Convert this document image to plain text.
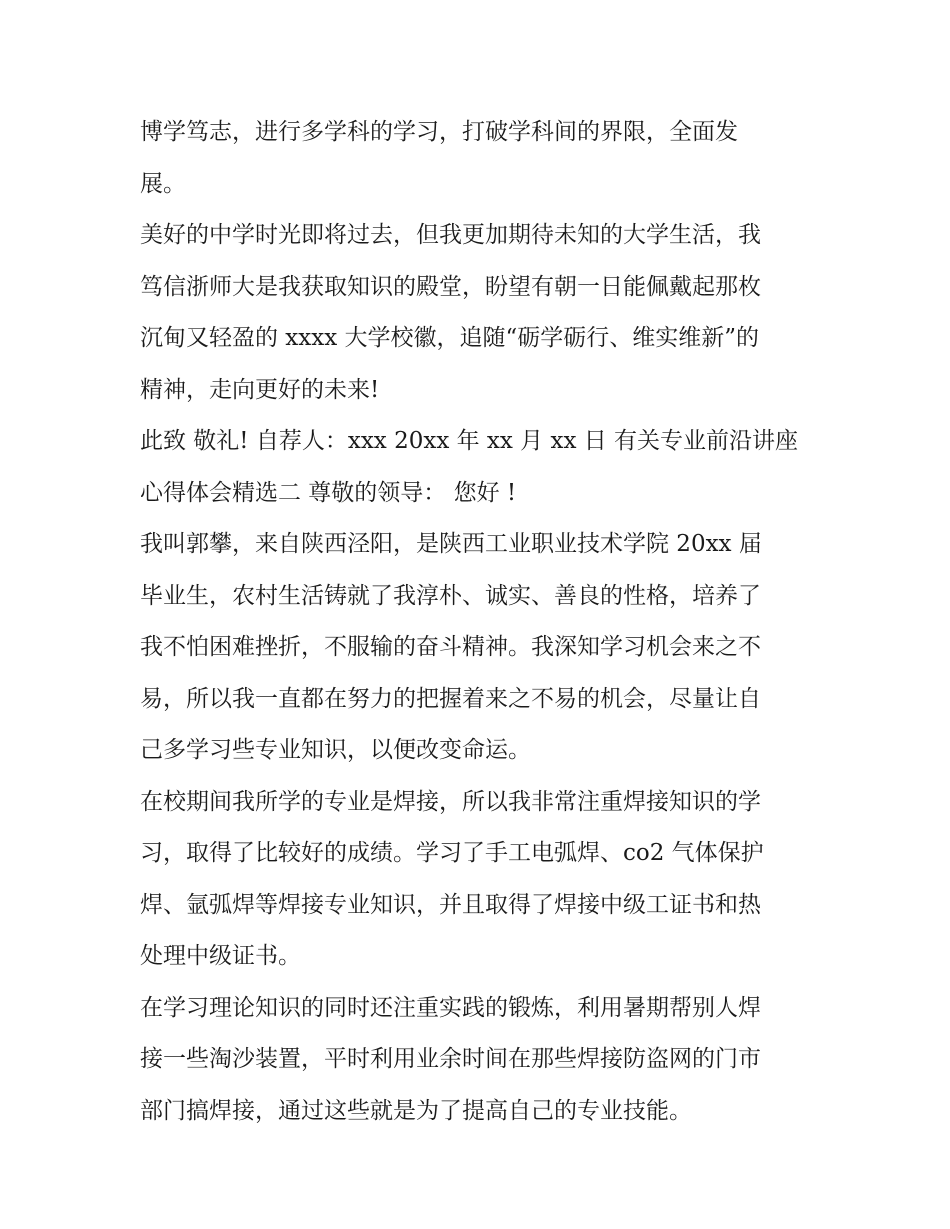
博学笃志，进行多学科的学习，打破学科间的界限，全面发
展。
美好的中学时光即将过去，但我更加期待未知的大学生活，我
笃信浙师大是我获取知识的殿堂，盼望有朝一日能佩戴起那枚
沉甸又轻盈的 xxxx 大学校徽，追随“砺学砺行、维实维新”的
精神，走向更好的未来!
此致 敬礼! 自荐人：xxx 20xx 年 xx 月 xx 日 有关专业前沿讲座
心得体会精选二 尊敬的领导： 您好 !
我叫郭攀，来自陕西泾阳，是陕西工业职业技术学院 20xx 届
毕业生，农村生活铸就了我淳朴、诚实、善良的性格，培养了
我不怕困难挫折，不服输的奋斗精神。我深知学习机会来之不
易，所以我一直都在努力的把握着来之不易的机会，尽量让自
己多学习些专业知识，以便改变命运。
在校期间我所学的专业是焊接，所以我非常注重焊接知识的学
习，取得了比较好的成绩。学习了手工电弧焊、co2 气体保护
焊、氩弧焊等焊接专业知识，并且取得了焊接中级工证书和热
处理中级证书。
在学习理论知识的同时还注重实践的锻炼，利用暑期帮别人焊
接一些淘沙装置，平时利用业余时间在那些焊接防盗网的门市
部门搞焊接，通过这些就是为了提高自己的专业技能。
